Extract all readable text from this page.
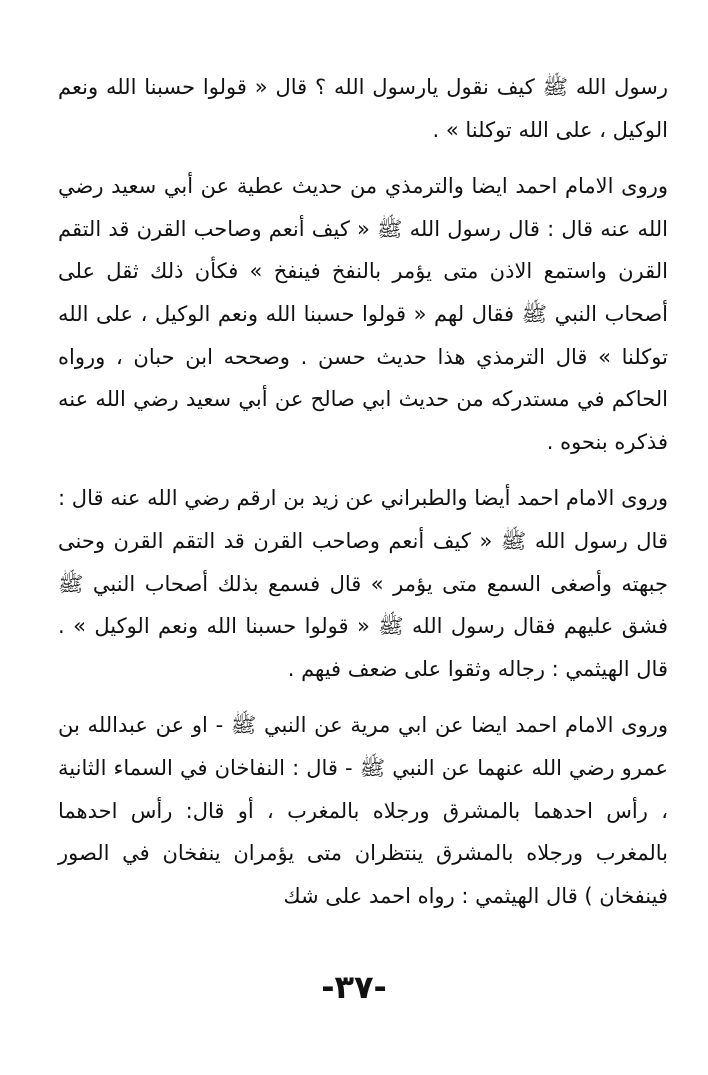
رسول الله ﷺ كيف نقول يارسول الله ؟ قال « قولوا حسبنا الله ونعم الوكيل ، على الله توكلنا » .

وروى الامام احمد ايضا والترمذي من حديث عطية عن أبي سعيد رضي الله عنه قال : قال رسول الله ﷺ « كيف أنعم وصاحب القرن قد التقم القرن واستمع الاذن متى يؤمر بالنفخ فينفخ » فكأن ذلك ثقل على أصحاب النبي ﷺ فقال لهم « قولوا حسبنا الله ونعم الوكيل ، على الله توكلنا » قال الترمذي هذا حديث حسن . وصححه ابن حبان ، ورواه الحاكم في مستدركه من حديث ابي صالح عن أبي سعيد رضي الله عنه فذكره بنحوه .

وروى الامام احمد أيضا والطبراني عن زيد بن ارقم رضي الله عنه قال : قال رسول الله ﷺ « كيف أنعم وصاحب القرن قد التقم القرن وحنى جبهته وأصغى السمع متى يؤمر » قال فسمع بذلك أصحاب النبي ﷺ فشق عليهم فقال رسول الله ﷺ « قولوا حسبنا الله ونعم الوكيل » . قال الهيثمي : رجاله وثقوا على ضعف فيهم .

وروى الامام احمد ايضا عن ابي مرية عن النبي ﷺ - او عن عبدالله بن عمرو رضي الله عنهما عن النبي ﷺ - قال : النفاخان في السماء الثانية ، رأس احدهما بالمشرق ورجلاه بالمغرب ، أو قال: رأس احدهما بالمغرب ورجلاه بالمشرق ينتظران متى يؤمران ينفخان في الصور فينفخان ) قال الهيثمي : رواه احمد على شك

-٣٧-
